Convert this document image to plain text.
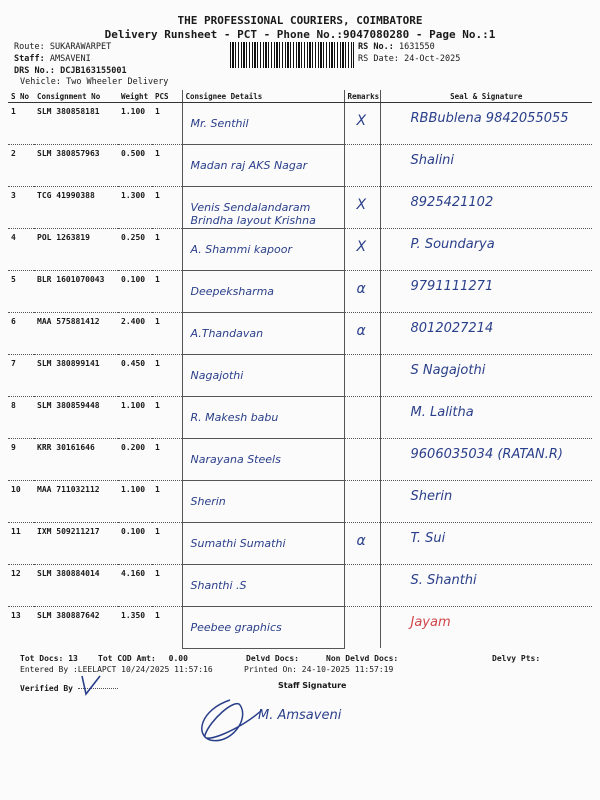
THE PROFESSIONAL COURIERS, COIMBATORE
Delivery Runsheet - PCT - Phone No.:9047080280 - Page No.:1
Route: SUKARAWARPET
Staff: AMSAVENI
DRS No.: DCJB163155001
Vehicle: Two Wheeler Delivery
RS No.: 1631550
RS Date: 24-Oct-2025
S No	Consignment No	Weight	PCS	Consignee Details	Remarks	Seal & Signature
1	SLM 380858181	1.100	1	Mr. Senthil	X	RBBublena 9842055055

2	SLM 380857963	0.500	1	Madan raj AKS Nagar		Shalini

3	TCG 41990388	1.300	1	Venis Sendalandaram Brindha layout Krishna	X	8925421102

4	POL 1263819	0.250	1	A. Shammi kapoor	X	P. Soundarya

5	BLR 1601070043	0.100	1	Deepeksharma	α	9791111271

6	MAA 575881412	2.400	1	A.Thandavan	α	8012027214

7	SLM 380899141	0.450	1	Nagajothi		S Nagajothi

8	SLM 380859448	1.100	1	R. Makesh babu		M. Lalitha

9	KRR 30161646	0.200	1	Narayana Steels		9606035034 (RATAN.R)

10	MAA 711032112	1.100	1	Sherin		Sherin

11	IXM 509211217	0.100	1	Sumathi Sumathi	α	T. Sui

12	SLM 380884014	4.160	1	Shanthi .S		S. Shanthi

13	SLM 380887642	1.350	1	Peebee graphics		Jayam
Tot Docs: 13	Tot COD Amt: 0.00	Delvd Docs:	Non Delvd Docs:	Delvy Pts:
Entered By :LEELAPCT 10/24/2025 11:57:16	Printed On: 24-10-2025 11:57:19
Verified By	Staff Signature
M. Amsaveni
